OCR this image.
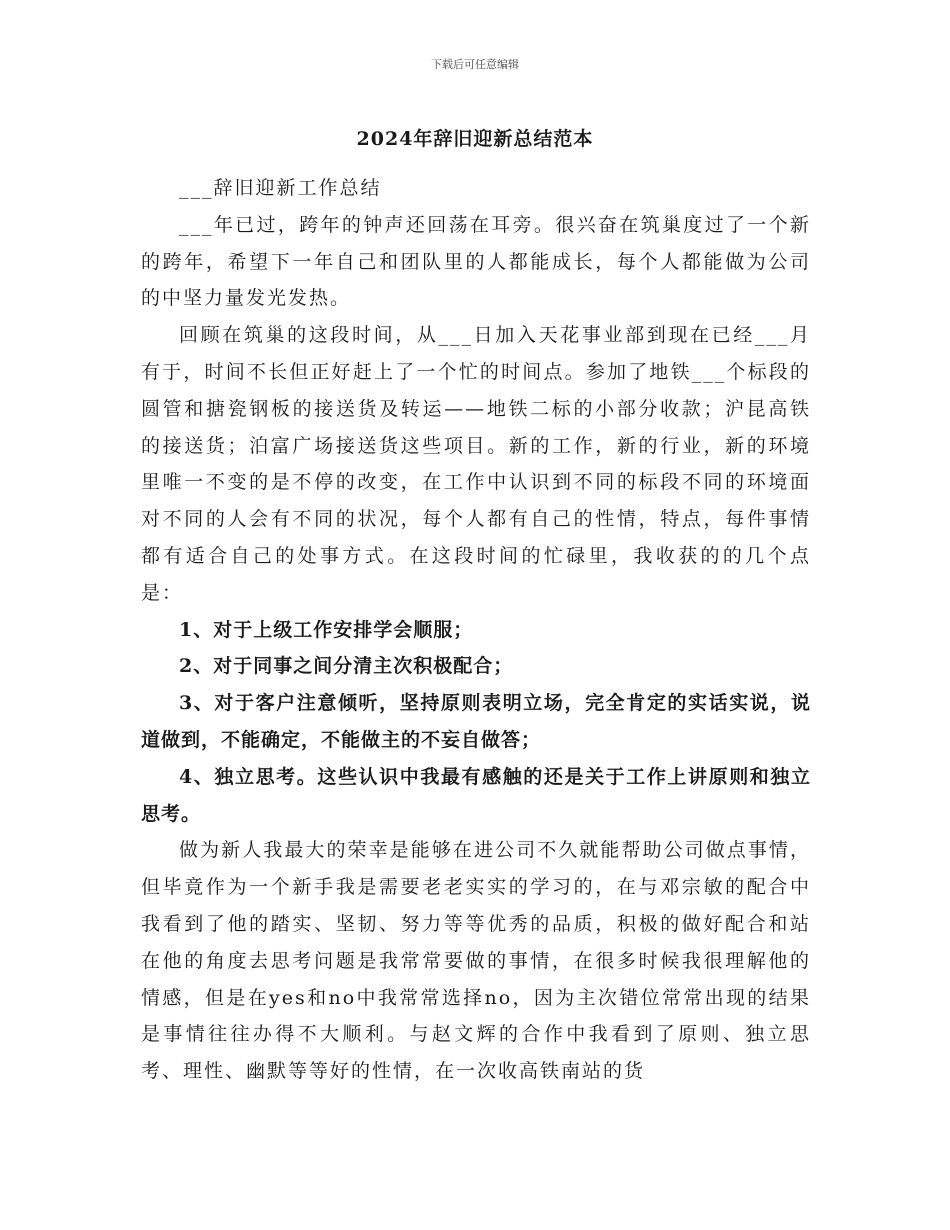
下载后可任意编辑
2024年辞旧迎新总结范本

___辞旧迎新工作总结

___年已过，跨年的钟声还回荡在耳旁。很兴奋在筑巢度过了一个新的跨年，希望下一年自己和团队里的人都能成长，每个人都能做为公司的中坚力量发光发热。

回顾在筑巢的这段时间，从___日加入天花事业部到现在已经___月有于，时间不长但正好赶上了一个忙的时间点。参加了地铁___个标段的圆管和搪瓷钢板的接送货及转运——地铁二标的小部分收款；沪昆高铁的接送货；泊富广场接送货这些项目。新的工作，新的行业，新的环境里唯一不变的是不停的改变，在工作中认识到不同的标段不同的环境面对不同的人会有不同的状况，每个人都有自己的性情，特点，每件事情都有适合自己的处事方式。在这段时间的忙碌里，我收获的的几个点是：

1、对于上级工作安排学会顺服；

2、对于同事之间分清主次积极配合；

3、对于客户注意倾听，坚持原则表明立场，完全肯定的实话实说，说道做到，不能确定，不能做主的不妄自做答；

4、独立思考。这些认识中我最有感触的还是关于工作上讲原则和独立思考。

做为新人我最大的荣幸是能够在进公司不久就能帮助公司做点事情，但毕竟作为一个新手我是需要老老实实的学习的，在与邓宗敏的配合中我看到了他的踏实、坚韧、努力等等优秀的品质，积极的做好配合和站在他的角度去思考问题是我常常要做的事情，在很多时候我很理解他的情感，但是在yes和no中我常常选择no，因为主次错位常常出现的结果是事情往往办得不大顺利。与赵文辉的合作中我看到了原则、独立思考、理性、幽默等等好的性情，在一次收高铁南站的货
